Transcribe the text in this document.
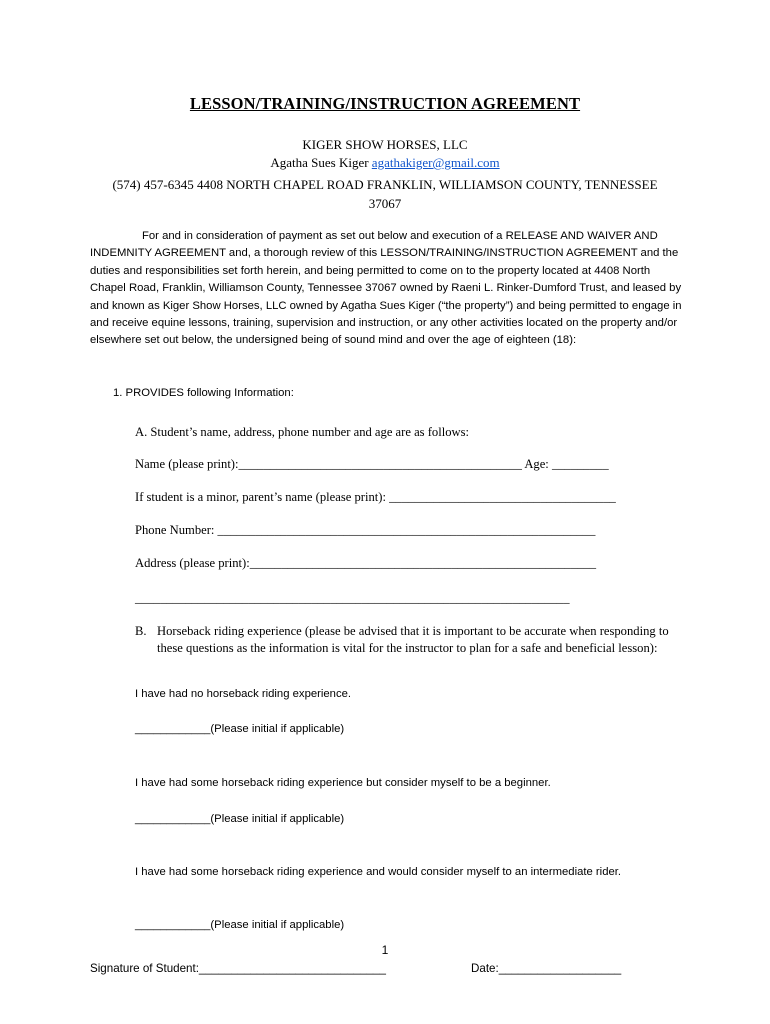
LESSON/TRAINING/INSTRUCTION AGREEMENT
KIGER SHOW HORSES, LLC
Agatha Sues Kiger agathakiger@gmail.com
(574) 457-6345 4408 NORTH CHAPEL ROAD FRANKLIN, WILLIAMSON COUNTY, TENNESSEE
37067
For and in consideration of payment as set out below and execution of a RELEASE AND WAIVER AND INDEMNITY AGREEMENT and, a thorough review of this LESSON/TRAINING/INSTRUCTION AGREEMENT and the duties and responsibilities set forth herein, and being permitted to come on to the property located at 4408 North Chapel Road, Franklin, Williamson County, Tennessee 37067 owned by Raeni L. Rinker-Dumford Trust, and leased by and known as Kiger Show Horses, LLC owned by Agatha Sues Kiger (“the property”) and being permitted to engage in and receive equine lessons, training, supervision and instruction, or any other activities located on the property and/or elsewhere set out below, the undersigned being of sound mind and over the age of eighteen (18):
1. PROVIDES following Information:
A. Student’s name, address, phone number and age are as follows:
Name (please print):_____________________________________________ Age: _________
If student is a minor, parent’s name (please print): ____________________________________
Phone Number: ____________________________________________________________
Address (please print):_______________________________________________________
_____________________________________________________________________
B. Horseback riding experience (please be advised that it is important to be accurate when responding to these questions as the information is vital for the instructor to plan for a safe and beneficial lesson):
I have had no horseback riding experience.
____________(Please initial if applicable)
I have had some horseback riding experience but consider myself to be a beginner.
____________(Please initial if applicable)
I have had some horseback riding experience and would consider myself to an intermediate rider.
____________(Please initial if applicable)
1
Signature of Student:_____________________________	Date:___________________
